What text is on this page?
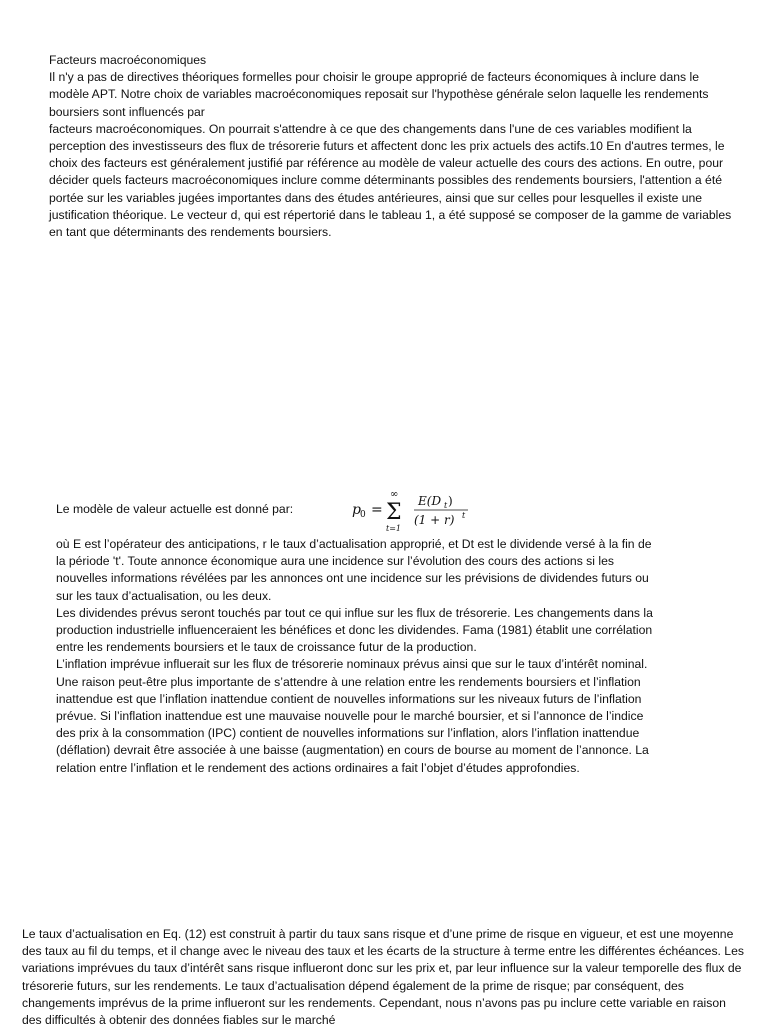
Facteurs macroéconomiques

Il n'y a pas de directives théoriques formelles pour choisir le groupe approprié de facteurs économiques à inclure dans le modèle APT. Notre choix de variables macroéconomiques reposait sur l'hypothèse générale selon laquelle les rendements boursiers sont influencés par

facteurs macroéconomiques. On pourrait s'attendre à ce que des changements dans l'une de ces variables modifient la perception des investisseurs des flux de trésorerie futurs et affectent donc les prix actuels des actifs.10 En d'autres termes, le choix des facteurs est généralement justifié par référence au modèle de valeur actuelle des cours des actions. En outre, pour décider quels facteurs macroéconomiques inclure comme déterminants possibles des rendements boursiers, l'attention a été portée sur les variables jugées importantes dans des études antérieures, ainsi que sur celles pour lesquelles il existe une justification théorique. Le vecteur d, qui est répertorié dans le tableau 1, a été supposé se composer de la gamme de variables en tant que déterminants des rendements boursiers.

Le modèle de valeur actuelle est donné par:	p 0 =
∞
Σ
t=1
E(D t )
(1 + r) t

où E est l’opérateur des anticipations, r le taux d’actualisation approprié, et Dt est le dividende versé à la fin de la période 't'. Toute annonce économique aura une incidence sur l’évolution des cours des actions si les nouvelles informations révélées par les annonces ont une incidence sur les prévisions de dividendes futurs ou sur les taux d’actualisation, ou les deux.

Les dividendes prévus seront touchés par tout ce qui influe sur les flux de trésorerie. Les changements dans la production industrielle influenceraient les bénéfices et donc les dividendes. Fama (1981) établit une corrélation entre les rendements boursiers et le taux de croissance futur de la production.

L’inflation imprévue influerait sur les flux de trésorerie nominaux prévus ainsi que sur le taux d’intérêt nominal. Une raison peut-être plus importante de s’attendre à une relation entre les rendements boursiers et l’inflation inattendue est que l’inflation inattendue contient de nouvelles informations sur les niveaux futurs de l’inflation prévue. Si l’inflation inattendue est une mauvaise nouvelle pour le marché boursier, et si l’annonce de l’indice des prix à la consommation (IPC) contient de nouvelles informations sur l’inflation, alors l’inflation inattendue (déflation) devrait être associée à une baisse (augmentation) en cours de bourse au moment de l’annonce. La relation entre l’inflation et le rendement des actions ordinaires a fait l’objet d’études approfondies.

Le taux d’actualisation en Eq. (12) est construit à partir du taux sans risque et d’une prime de risque en vigueur, et est une moyenne des taux au fil du temps, et il change avec le niveau des taux et les écarts de la structure à terme entre les différentes échéances. Les variations imprévues du taux d’intérêt sans risque influeront donc sur les prix et, par leur influence sur la valeur temporelle des flux de trésorerie futurs, sur les rendements. Le taux d’actualisation dépend également de la prime de risque; par conséquent, des changements imprévus de la prime influeront sur les rendements. Cependant, nous n’avons pas pu inclure cette variable en raison des difficultés à obtenir des données fiables sur le marché
